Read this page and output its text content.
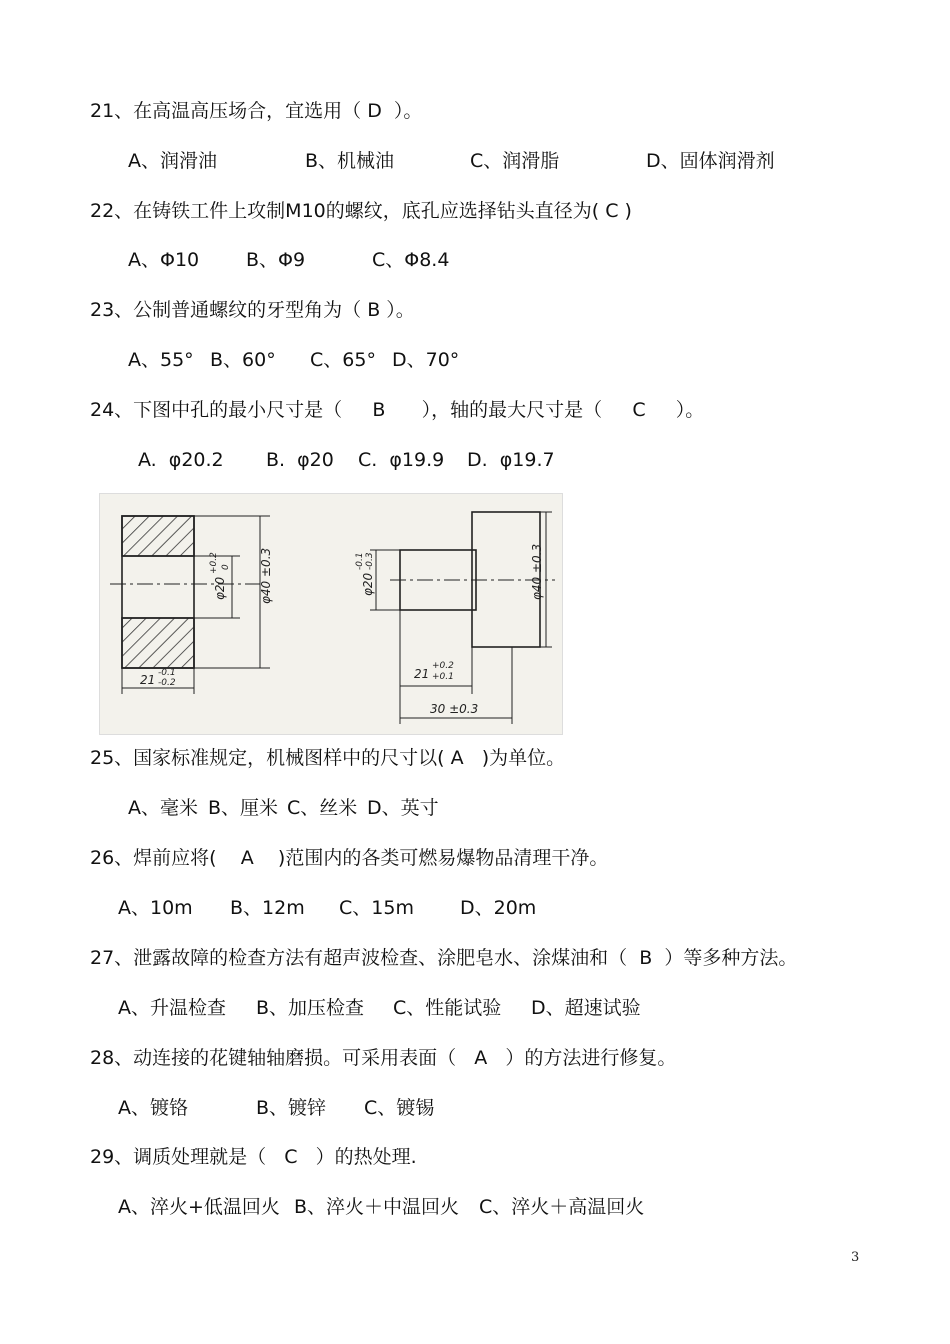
21、在高温高压场合，宜选用（ D  ）。

A、润滑油

	B、机械油

	C、润滑脂

	D、固体润滑剂

22、在铸铁工件上攻制M10的螺纹，底孔应选择钻头直径为( C )

A、Φ10

B、Φ9

	C、Φ8.4

23、公制普通螺纹的牙型角为（ B ）。

A、55°

B、60°

C、65°

D、70°

24、下图中孔的最小尺寸是（     B      ），轴的最大尺寸是（     C     ）。

A.  φ20.2

B.  φ20

C.  φ19.9

D.  φ19.7

φ40 ±0.3
φ20
+0.2 0
21 -0.1
-0.2
φ20
-0.1 -0.3	φ40 ±0.3
21
+0.2
+0.1
30 ±0.3
25、国家标准规定，机械图样中的尺寸以( A   )为单位。

A、毫米

B、厘米

C、丝米

D、英寸

26、焊前应将(    A    )范围内的各类可燃易爆物品清理干净。

A、10m

B、12m

C、15m

D、20m

27、泄露故障的检查方法有超声波检查、涂肥皂水、涂煤油和（  B  ）等多种方法。

A、升温检查

B、加压检查

C、性能试验

D、超速试验

28、动连接的花键轴轴磨损。可采用表面（   A   ）的方法进行修复。

A、镀铬

	B、镀锌

C、镀锡

29、调质处理就是（   C   ）的热处理.

A、淬火+低温回火

B、淬火＋中温回火

C、淬火＋高温回火

3
